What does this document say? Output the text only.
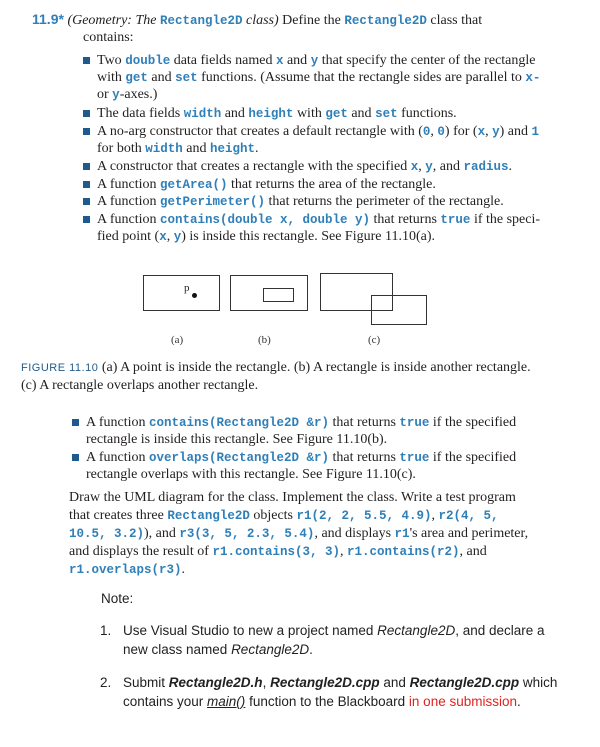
11.9* (Geometry: The Rectangle2D class) Define the Rectangle2D class that
contains:
Two double data fields named x and y that specify the center of the rectangle
with get and set functions. (Assume that the rectangle sides are parallel to x-
or y-axes.)
The data fields width and height with get and set functions.
A no-arg constructor that creates a default rectangle with (0, 0) for (x, y) and 1
for both width and height.
A constructor that creates a rectangle with the specified x, y, and radius.
A function getArea() that returns the area of the rectangle.
A function getPerimeter() that returns the perimeter of the rectangle.
A function contains(double x, double y) that returns true if the speci-
fied point (x, y) is inside this rectangle. See Figure 11.10(a).
p
(a)	(b)	(c)
FIGURE 11.10 (a) A point is inside the rectangle. (b) A rectangle is inside another rectangle.
(c) A rectangle overlaps another rectangle.
A function contains(Rectangle2D &r) that returns true if the specified
rectangle is inside this rectangle. See Figure 11.10(b).
A function overlaps(Rectangle2D &r) that returns true if the specified
rectangle overlaps with this rectangle. See Figure 11.10(c).
Draw the UML diagram for the class. Implement the class. Write a test program
that creates three Rectangle2D objects r1(2, 2, 5.5, 4.9), r2(4, 5,
10.5, 3.2)), and r3(3, 5, 2.3, 5.4), and displays r1's area and perimeter,
and displays the result of r1.contains(3, 3), r1.contains(r2), and
r1.overlaps(r3).
Note:
1. Use Visual Studio to new a project named Rectangle2D, and declare a
new class named Rectangle2D.
2. Submit Rectangle2D.h, Rectangle2D.cpp and Rectangle2D.cpp which
contains your main() function to the Blackboard in one submission.
